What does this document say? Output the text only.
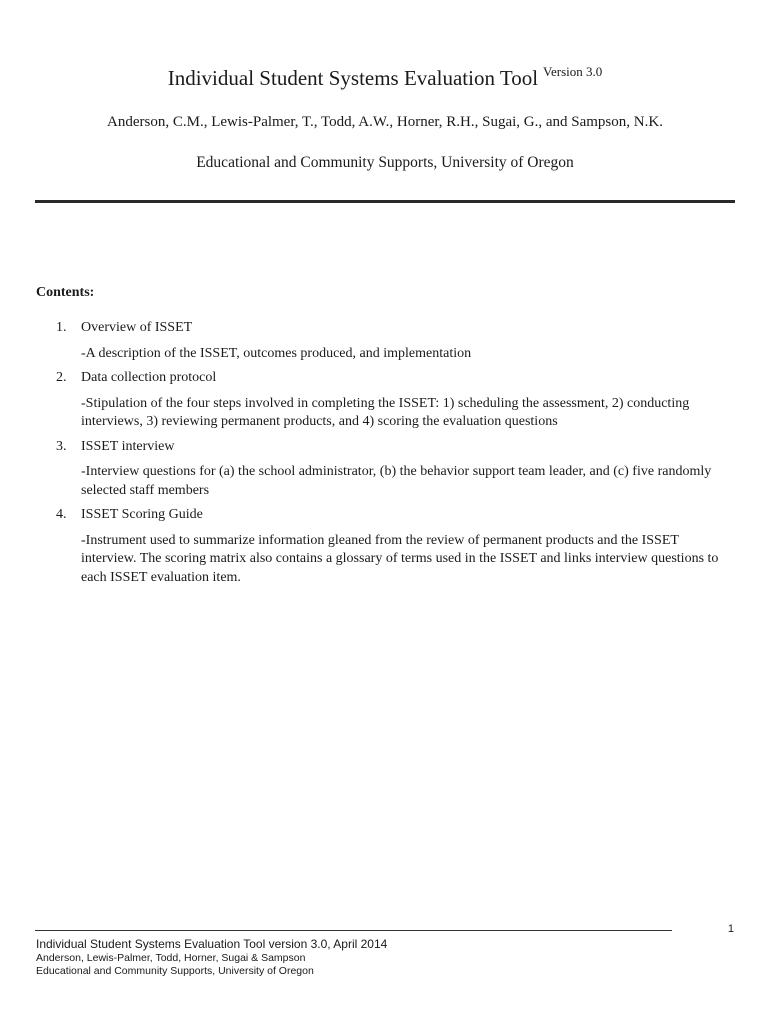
Individual Student Systems Evaluation Tool $^{Version 3.0}$
Anderson, C.M., Lewis-Palmer, T., Todd, A.W., Horner, R.H., Sugai, G., and Sampson, N.K.
Educational and Community Supports, University of Oregon
Contents:
1. Overview of ISSET
-A description of the ISSET, outcomes produced, and implementation
2. Data collection protocol
-Stipulation of the four steps involved in completing the ISSET: 1) scheduling the assessment, 2) conducting interviews, 3) reviewing permanent products, and 4) scoring the evaluation questions
3. ISSET interview
-Interview questions for (a) the school administrator, (b) the behavior support team leader, and (c) five randomly selected staff members
4. ISSET Scoring Guide
-Instrument used to summarize information gleaned from the review of permanent products and the ISSET interview. The scoring matrix also contains a glossary of terms used in the ISSET and links interview questions to each ISSET evaluation item.
1
Individual Student Systems Evaluation Tool version 3.0, April 2014
Anderson, Lewis-Palmer, Todd, Horner, Sugai & Sampson
Educational and Community Supports, University of Oregon
